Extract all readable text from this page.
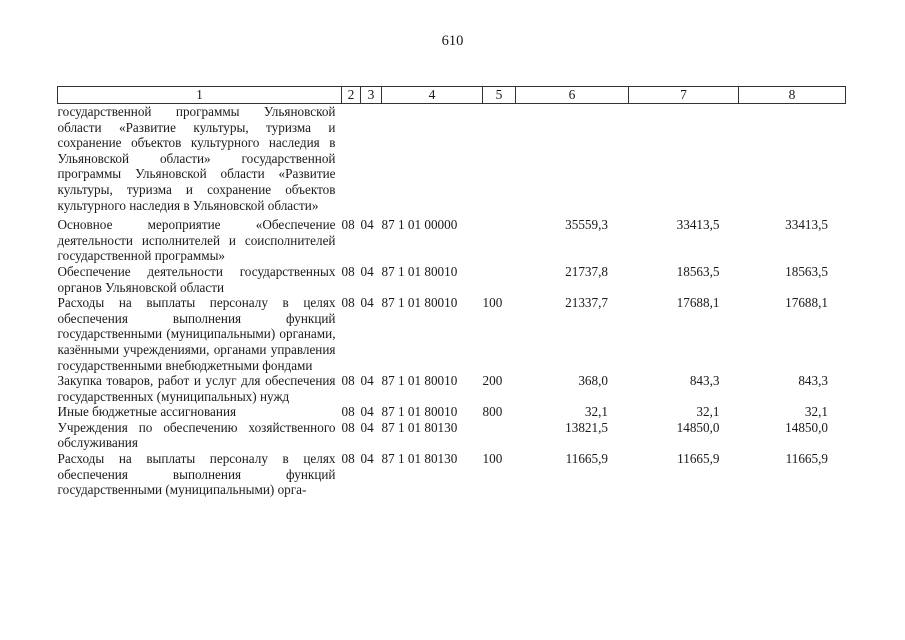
610
1	2	3	4	5	6	7	8
государственной программы Ульяновской области «Развитие культуры, туризма и сохранение объектов культурного наследия в Ульяновской области» государственной программы Ульяновской области «Развитие культуры, туризма и сохранение объектов культурного наследия в Ульяновской области»							
Основное мероприятие «Обеспечение деятельности исполнителей и соисполнителей государственной программы»	08	04	87 1 01 00000		35559,3	33413,5	33413,5
Обеспечение деятельности государственных органов Ульяновской области	08	04	87 1 01 80010		21737,8	18563,5	18563,5
Расходы на выплаты персоналу в целях обеспечения выполнения функций государственными (муниципальными) органами, казёнными учреждениями, органами управления государственными внебюджетными фондами	08	04	87 1 01 80010	100	21337,7	17688,1	17688,1
Закупка товаров, работ и услуг для обеспечения государственных (муниципальных) нужд	08	04	87 1 01 80010	200	368,0	843,3	843,3
Иные бюджетные ассигнования	08	04	87 1 01 80010	800	32,1	32,1	32,1
Учреждения по обеспечению хозяйственного обслуживания	08	04	87 1 01 80130		13821,5	14850,0	14850,0
Расходы на выплаты персоналу в целях обеспечения выполнения функций государственными (муниципальными) орга-	08	04	87 1 01 80130	100	11665,9	11665,9	11665,9
